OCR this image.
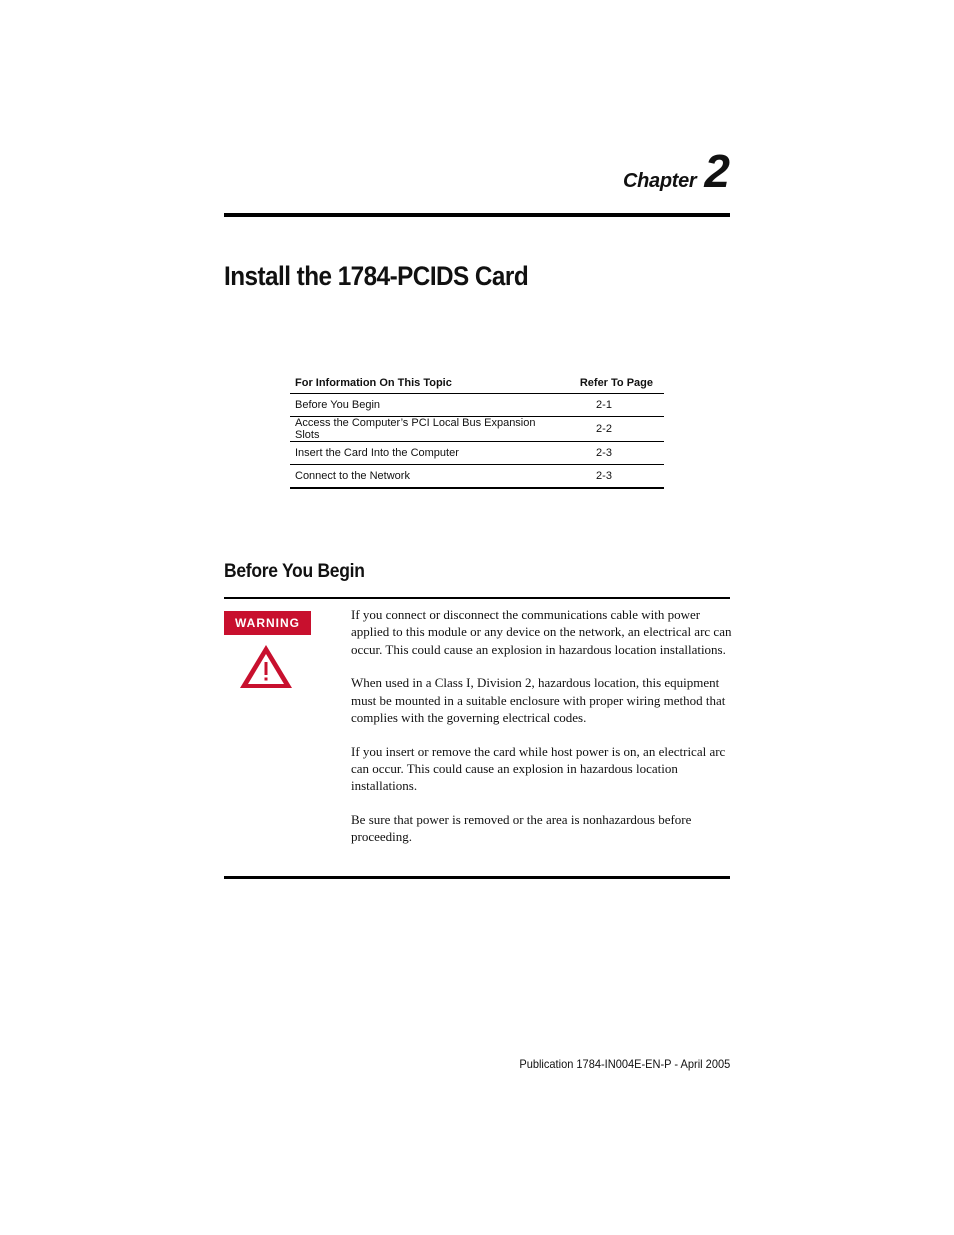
Chapter 2
Install the 1784-PCIDS Card
For Information On This Topic	Refer To Page
Before You Begin	2-1
Access the Computer’s PCI Local Bus Expansion Slots	2-2
Insert the Card Into the Computer	2-3
Connect to the Network	2-3
Before You Begin
WARNING

If you connect or disconnect the communications cable with power applied to this module or any device on the network, an electrical arc can occur. This could cause an explosion in hazardous location installations.

When used in a Class I, Division 2, hazardous location, this equipment must be mounted in a suitable enclosure with proper wiring method that complies with the governing electrical codes.

If you insert or remove the card while host power is on, an electrical arc can occur. This could cause an explosion in hazardous location installations.

Be sure that power is removed or the area is nonhazardous before proceeding.

Publication 1784-IN004E-EN-P - April 2005
